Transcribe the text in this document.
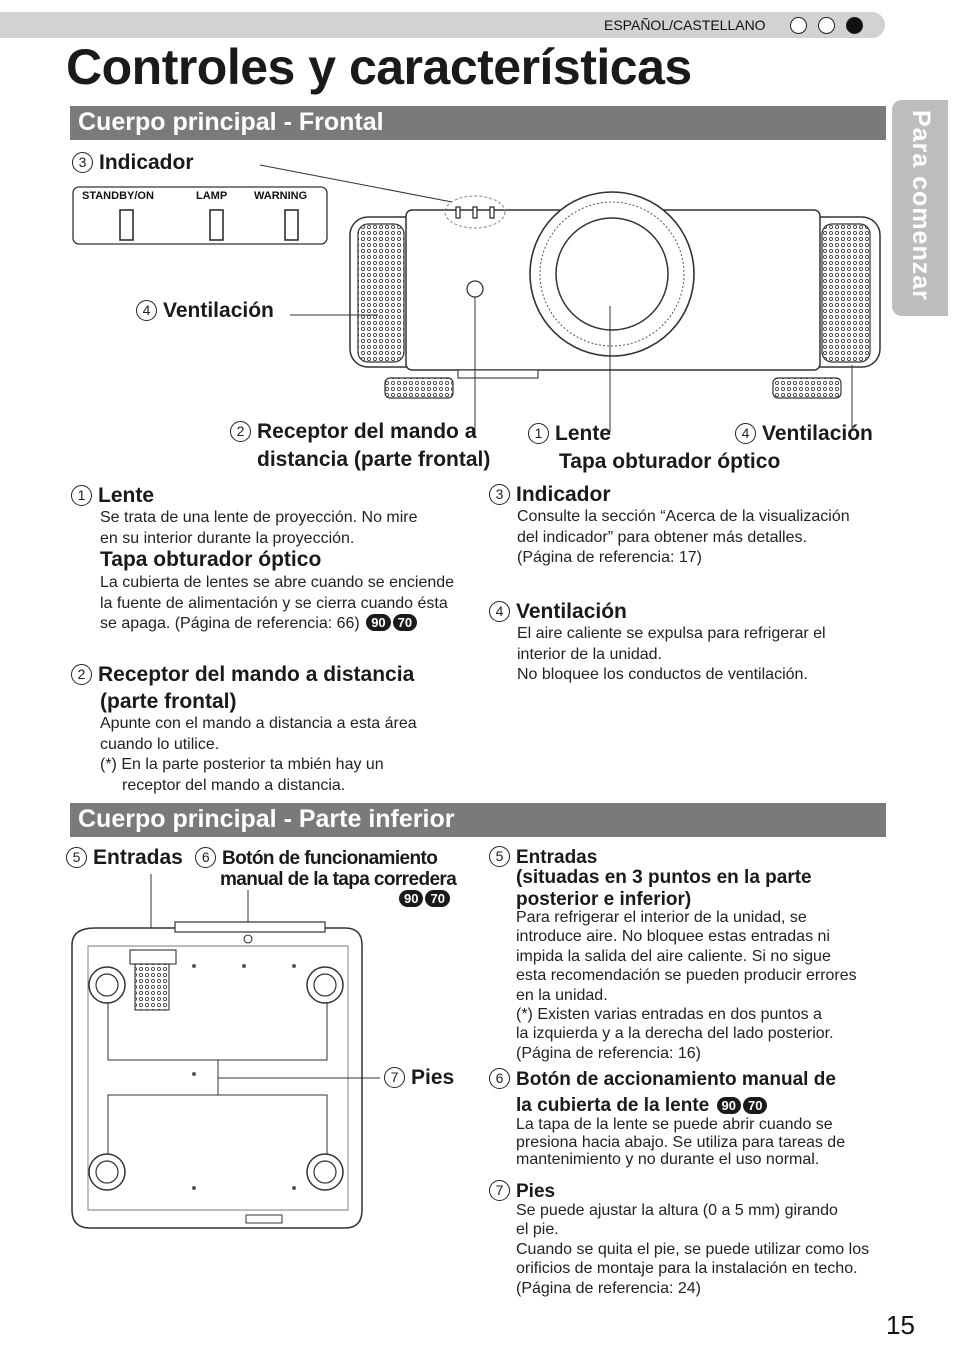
ESPAÑOL/CASTELLANO
Controles y características
Para comenzar
Cuerpo principal - Frontal
3 Indicador
STANDBY/ON	LAMP WARNING
4 Ventilación
2 Receptor del mando a
distancia (parte frontal)
1 Lente
Tapa obturador óptico
4 Ventilación
1 Lente
Se trata de una lente de proyección. No mire
en su interior durante la proyección.
Tapa obturador óptico
La cubierta de lentes se abre cuando se enciende
la fuente de alimentación y se cierra cuando ésta
se apaga. (Página de referencia: 66) 90 70
2 Receptor del mando a distancia
(parte frontal)
Apunte con el mando a distancia a esta área
cuando lo utilice.
(*) En la parte posterior ta mbién hay un
receptor del mando a distancia.
3 Indicador
Consulte la sección “Acerca de la visualización
del indicador” para obtener más detalles.
(Página de referencia: 17)
4 Ventilación
El aire caliente se expulsa para refrigerar el
interior de la unidad.
No bloquee los conductos de ventilación.
Cuerpo principal - Parte inferior
5 Entradas	6 Botón de funcionamiento
manual de la tapa corredera
90 70
7 Pies
5 Entradas
(situadas en 3 puntos en la parte
posterior e inferior)
Para refrigerar el interior de la unidad, se
introduce aire. No bloquee estas entradas ni
impida la salida del aire caliente. Si no sigue
esta recomendación se pueden producir errores
en la unidad.
(*) Existen varias entradas en dos puntos a
la izquierda y a la derecha del lado posterior.
(Página de referencia: 16)
6 Botón de accionamiento manual de
la cubierta de la lente 90 70
La tapa de la lente se puede abrir cuando se
presiona hacia abajo. Se utiliza para tareas de
mantenimiento y no durante el uso normal.
7 Pies
Se puede ajustar la altura (0 a 5 mm) girando
el pie.
Cuando se quita el pie, se puede utilizar como los
orificios de montaje para la instalación en techo.
(Página de referencia: 24)
15
